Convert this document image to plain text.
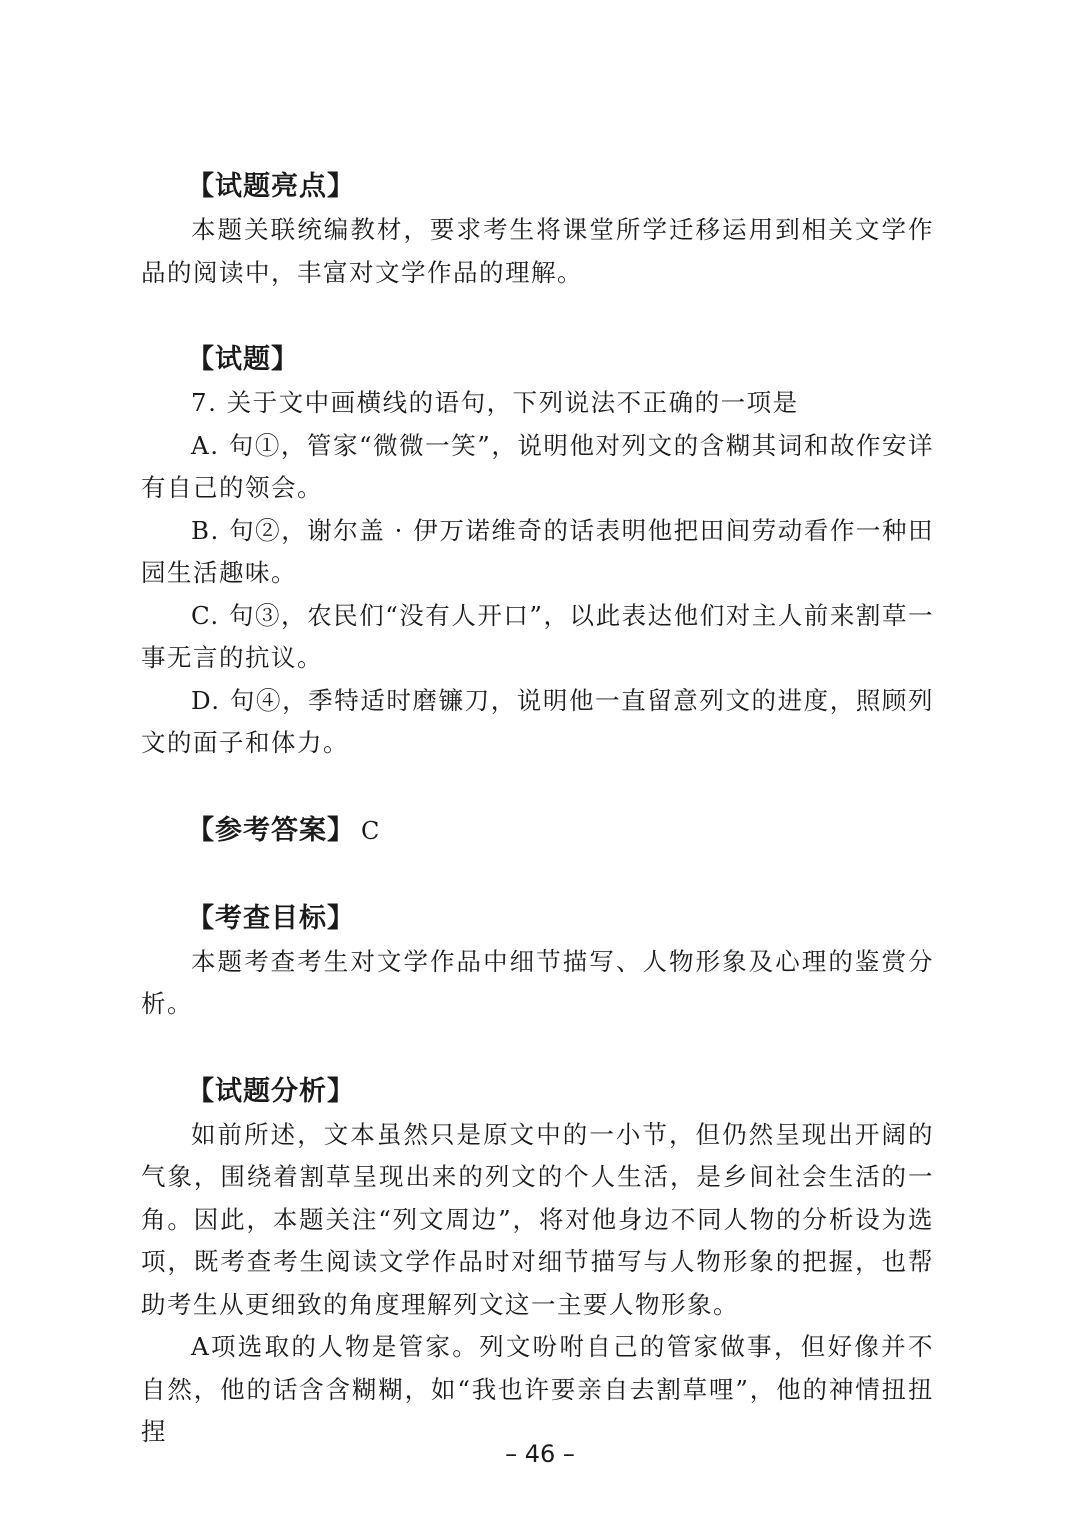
【试题亮点】

本题关联统编教材，要求考生将课堂所学迁移运用到相关文学作品的阅读中，丰富对文学作品的理解。

【试题】

7. 关于文中画横线的语句，下列说法不正确的一项是

A. 句①，管家“微微一笑”，说明他对列文的含糊其词和故作安详有自己的领会。

B. 句②，谢尔盖 · 伊万诺维奇的话表明他把田间劳动看作一种田园生活趣味。

C. 句③，农民们“没有人开口”，以此表达他们对主人前来割草一事无言的抗议。

D. 句④，季特适时磨镰刀，说明他一直留意列文的进度，照顾列文的面子和体力。

【参考答案】 C
【考查目标】

本题考查考生对文学作品中细节描写、人物形象及心理的鉴赏分析。

【试题分析】

如前所述，文本虽然只是原文中的一小节，但仍然呈现出开阔的气象，围绕着割草呈现出来的列文的个人生活，是乡间社会生活的一角。因此，本题关注“列文周边”，将对他身边不同人物的分析设为选项，既考查考生阅读文学作品时对细节描写与人物形象的把握，也帮助考生从更细致的角度理解列文这一主要人物形象。

A项选取的人物是管家。列文吩咐自己的管家做事，但好像并不自然，他的话含含糊糊，如“我也许要亲自去割草哩”，他的神情扭扭捏

– 46 –
